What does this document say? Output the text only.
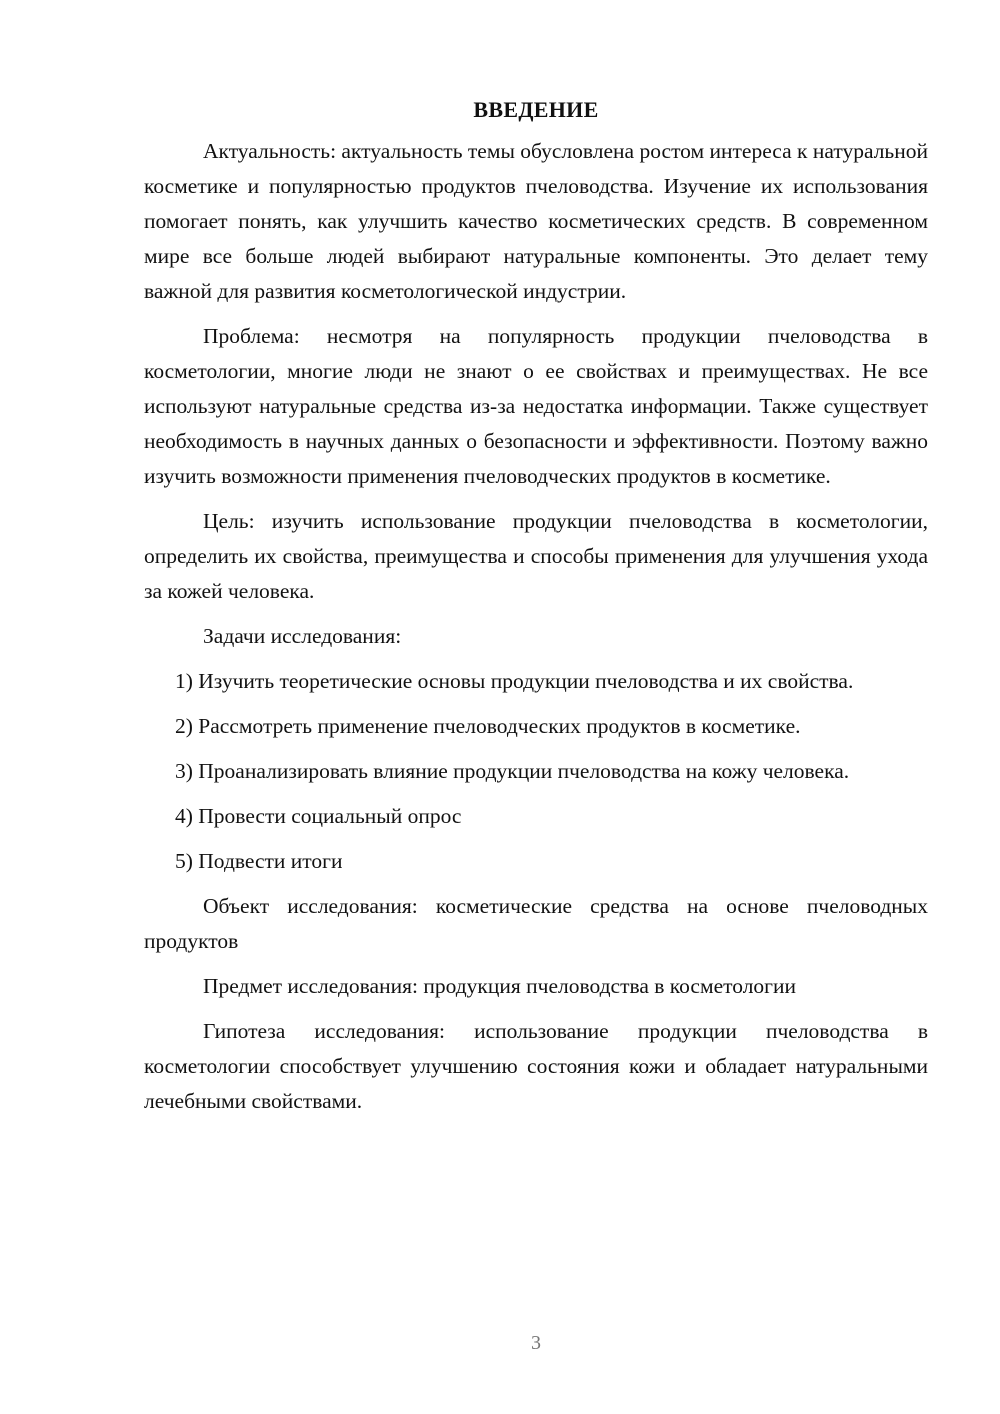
ВВЕДЕНИЕ

Актуальность: актуальность темы обусловлена ростом интереса к натуральной косметике и популярностью продуктов пчеловодства. Изучение их использования помогает понять, как улучшить качество косметических средств. В современном мире все больше людей выбирают натуральные компоненты. Это делает тему важной для развития косметологической индустрии.

Проблема: несмотря на популярность продукции пчеловодства в косметологии, многие люди не знают о ее свойствах и преимуществах. Не все используют натуральные средства из-за недостатка информации. Также существует необходимость в научных данных о безопасности и эффективности. Поэтому важно изучить возможности применения пчеловодческих продуктов в косметике.

Цель: изучить использование продукции пчеловодства в косметологии, определить их свойства, преимущества и способы применения для улучшения ухода за кожей человека.

Задачи исследования:

1) Изучить теоретические основы продукции пчеловодства и их свойства.

2) Рассмотреть применение пчеловодческих продуктов в косметике.

3) Проанализировать влияние продукции пчеловодства на кожу человека.

4) Провести социальный опрос

5) Подвести итоги

Объект исследования: косметические средства на основе пчеловодных продуктов

Предмет исследования: продукция пчеловодства в косметологии

Гипотеза исследования: использование продукции пчеловодства в косметологии способствует улучшению состояния кожи и обладает натуральными лечебными свойствами.

3
